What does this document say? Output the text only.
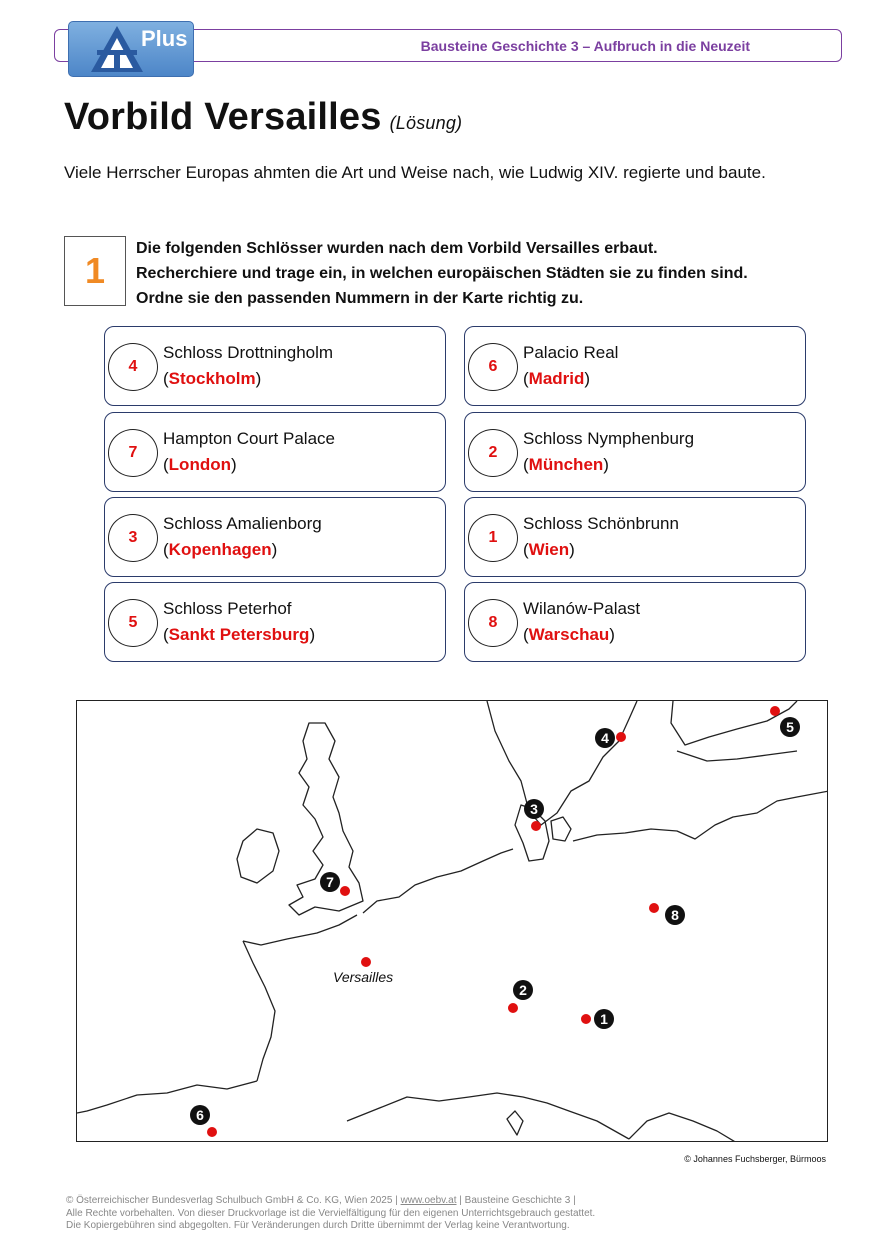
Plus	Bausteine Geschichte 3 – Aufbruch in die Neuzeit
Vorbild Versailles (Lösung)
Viele Herrscher Europas ahmten die Art und Weise nach, wie Ludwig XIV. regierte und baute.
1
Die folgenden Schlösser wurden nach dem Vorbild Versailles erbaut.
Recherchiere und trage ein, in welchen europäischen Städten sie zu finden sind.
Ordne sie den passenden Nummern in der Karte richtig zu.
4
Schloss Drottningholm
(Stockholm)
6
Palacio Real
(Madrid)
7
Hampton Court Palace
(London)
2
Schloss Nymphenburg
(München)
3
Schloss Amalienborg
(Kopenhagen)
1
Schloss Schönbrunn
(Wien)
5
Schloss Peterhof
(Sankt Petersburg)
8
Wilanów-Palast
(Warschau)
1
2
3
4
5
6
7
8
Versailles
© Johannes Fuchsberger, Bürmoos
© Österreichischer Bundesverlag Schulbuch GmbH & Co. KG, Wien 2025 | www.oebv.at | Bausteine Geschichte 3 |
Alle Rechte vorbehalten. Von dieser Druckvorlage ist die Vervielfältigung für den eigenen Unterrichtsgebrauch gestattet.
Die Kopiergebühren sind abgegolten. Für Veränderungen durch Dritte übernimmt der Verlag keine Verantwortung.
